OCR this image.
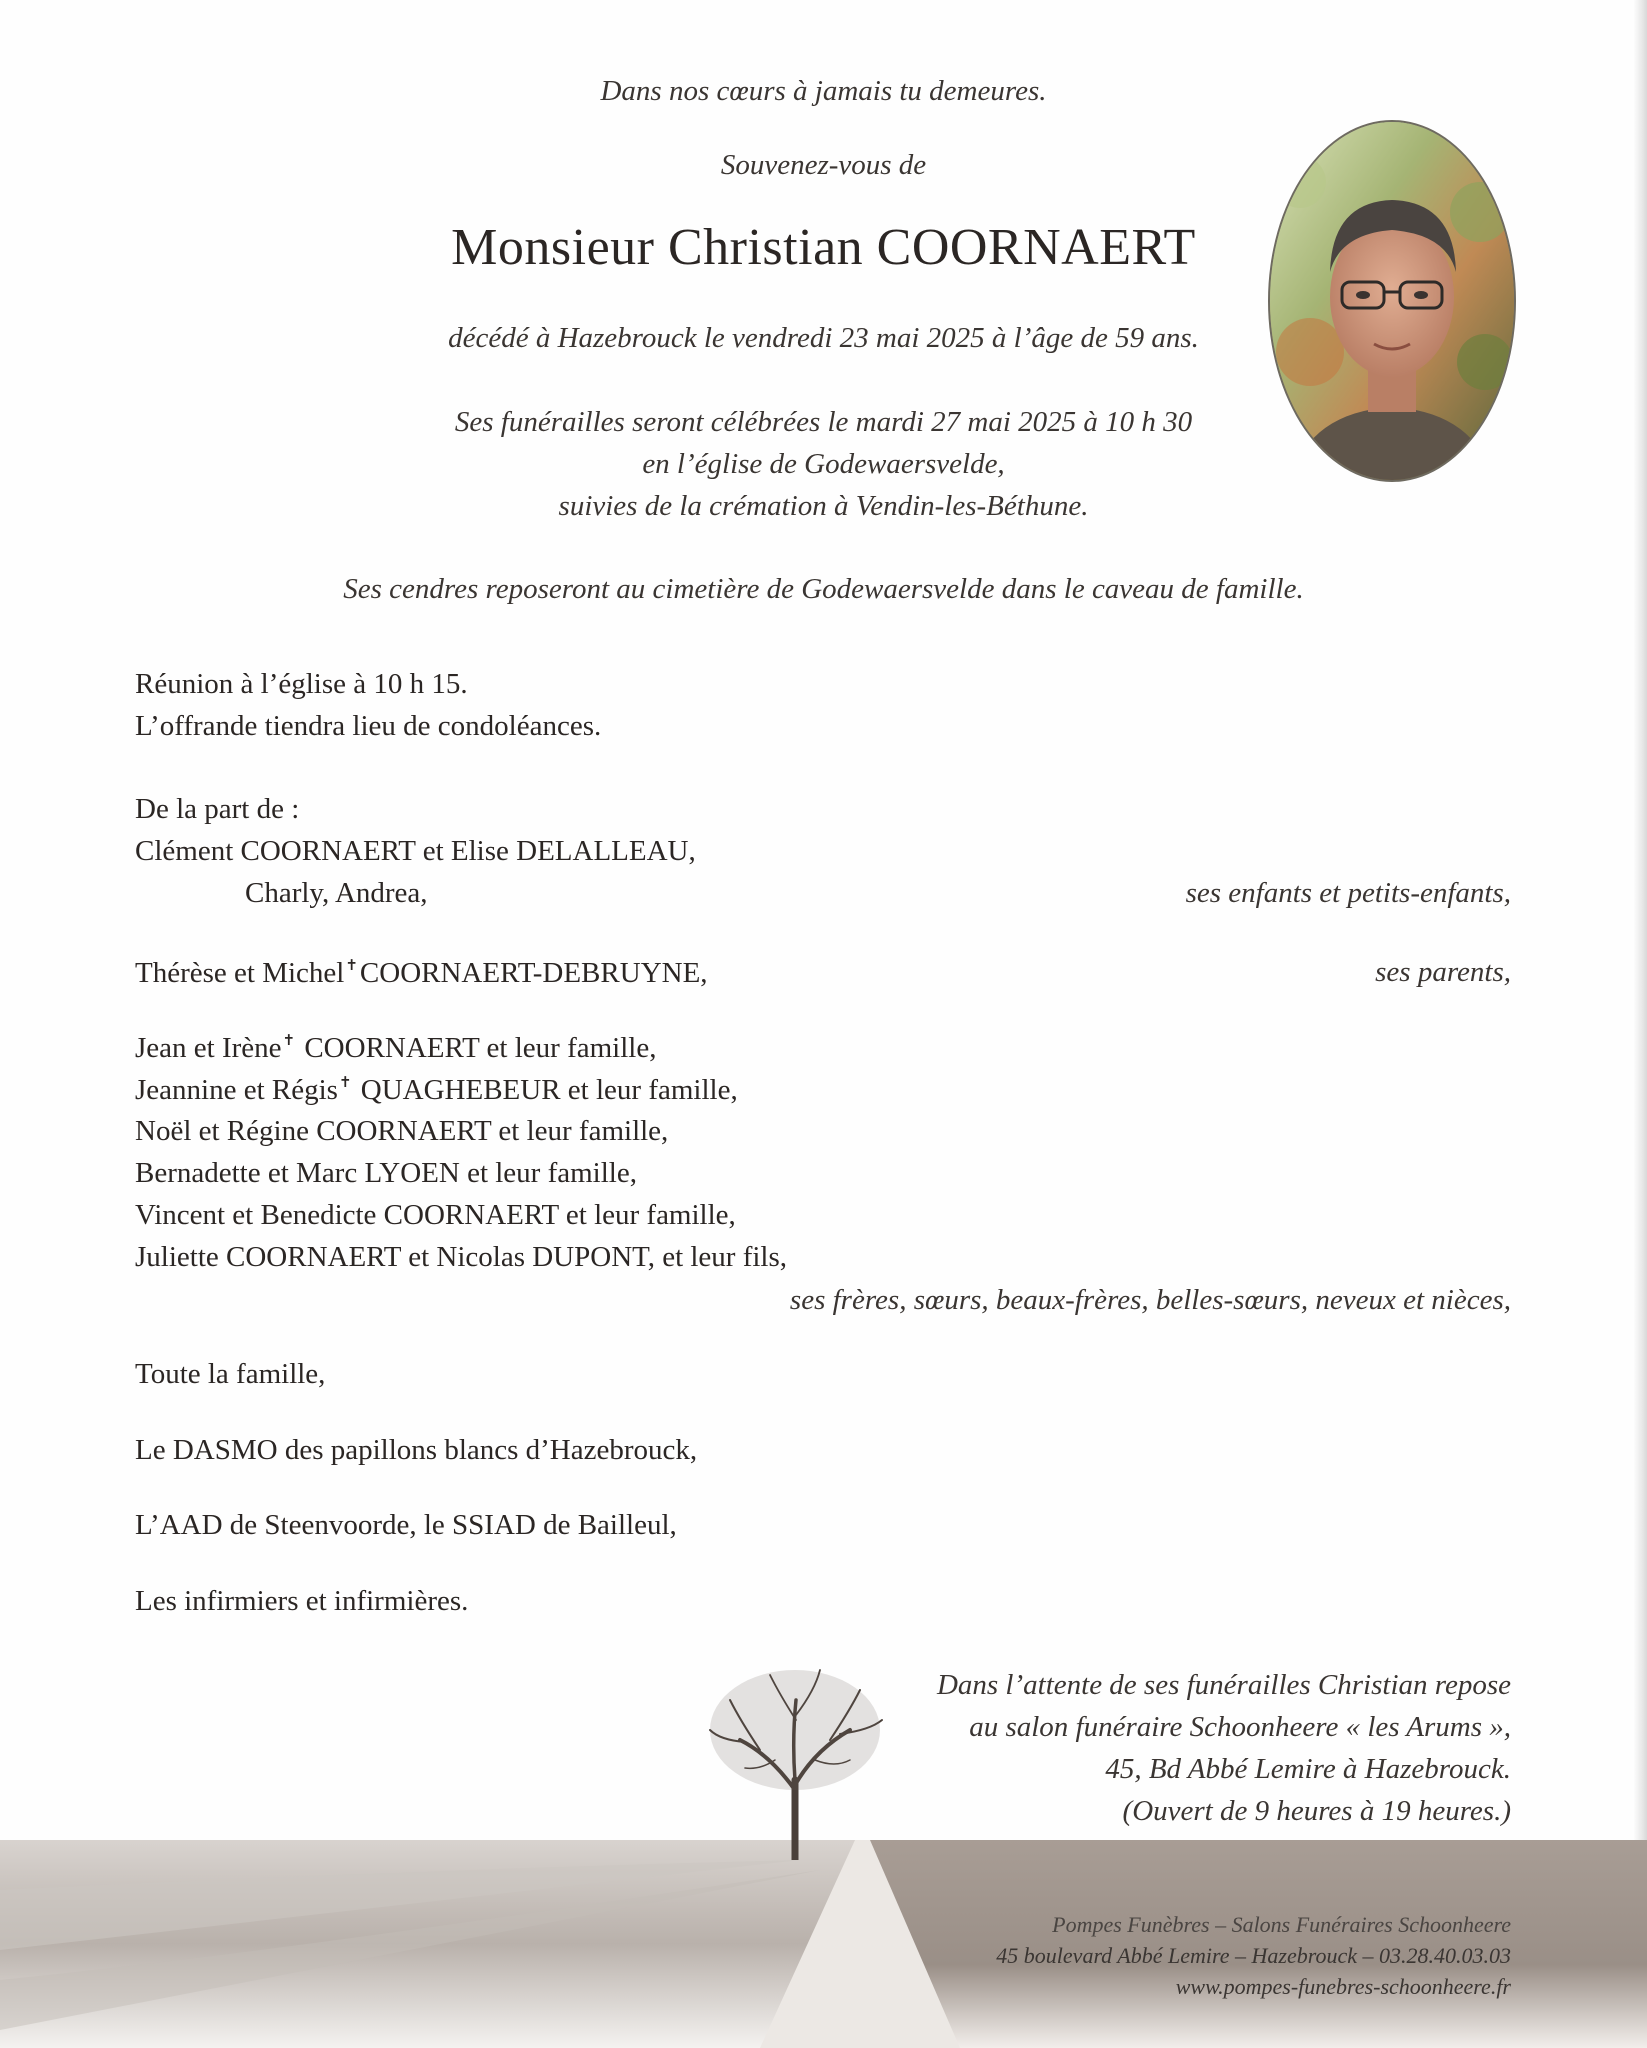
Dans nos cœurs à jamais tu demeures.
Souvenez-vous de
Monsieur Christian COORNAERT
décédé à Hazebrouck le vendredi 23 mai 2025 à l’âge de 59 ans.
Ses funérailles seront célébrées le mardi 27 mai 2025 à 10 h 30
en l’église de Godewaersvelde,
suivies de la crémation à Vendin-les-Béthune.
Ses cendres reposeront au cimetière de Godewaersvelde dans le caveau de famille.
Réunion à l’église à 10 h 15.
L’offrande tiendra lieu de condoléances.
De la part de :
Clément COORNAERT et Elise DELALLEAU,
Charly, Andrea,	ses enfants et petits-enfants,
Thérèse et Michel✝COORNAERT-DEBRUYNE,	ses parents,
Jean et Irène✝ COORNAERT et leur famille,
Jeannine et Régis✝ QUAGHEBEUR et leur famille,
Noël et Régine COORNAERT et leur famille,
Bernadette et Marc LYOEN et leur famille,
Vincent et Benedicte COORNAERT et leur famille,
Juliette COORNAERT et Nicolas DUPONT, et leur fils,
ses frères, sœurs, beaux-frères, belles-sœurs, neveux et nièces,
Toute la famille,
Le DASMO des papillons blancs d’Hazebrouck,
L’AAD de Steenvoorde, le SSIAD de Bailleul,
Les infirmiers et infirmières.
Dans l’attente de ses funérailles Christian repose
au salon funéraire Schoonheere « les Arums »,
45, Bd Abbé Lemire à Hazebrouck.
(Ouvert de 9 heures à 19 heures.)
Pompes Funèbres – Salons Funéraires Schoonheere
45 boulevard Abbé Lemire – Hazebrouck – 03.28.40.03.03
www.pompes-funebres-schoonheere.fr
